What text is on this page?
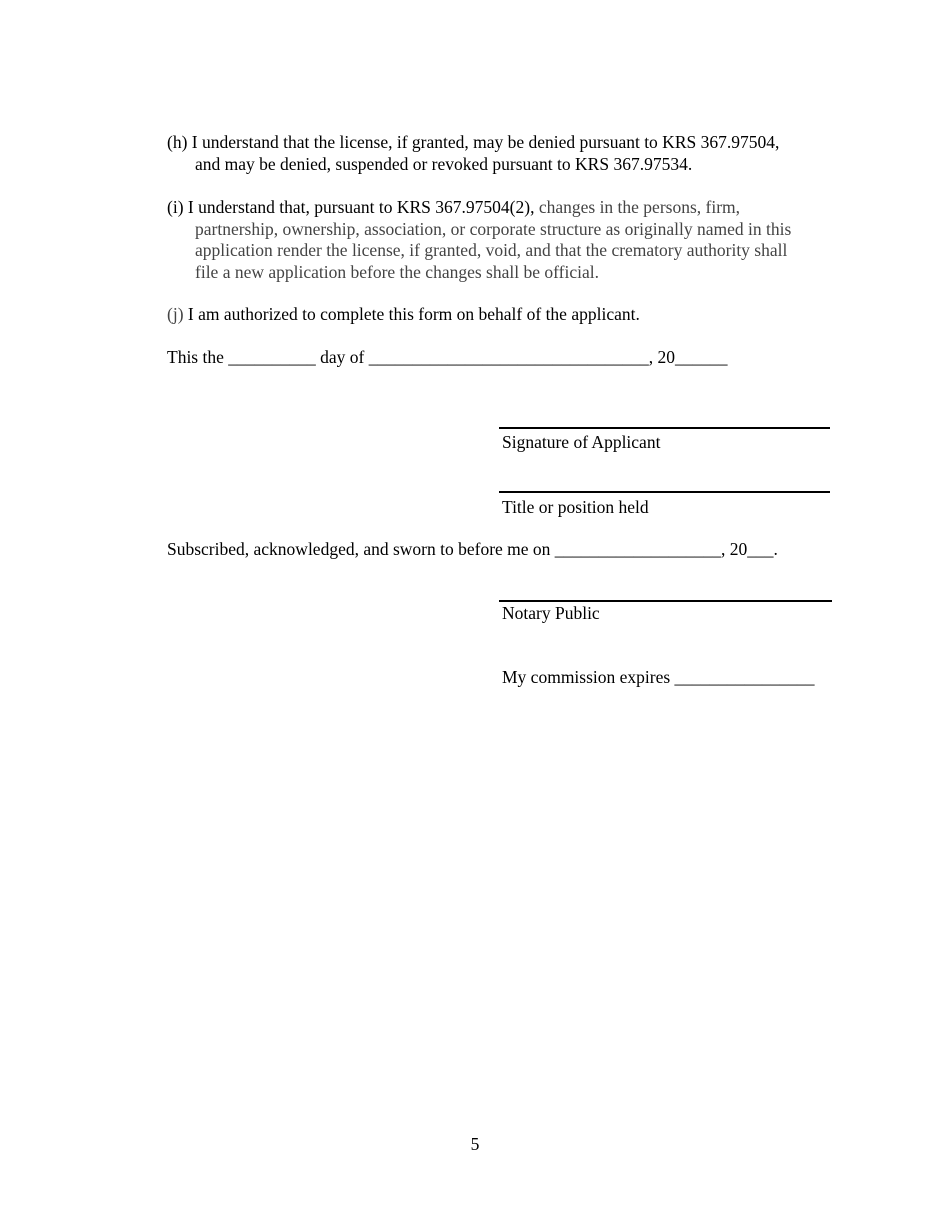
(h) I understand that the license, if granted, may be denied pursuant to KRS 367.97504,
and may be denied, suspended or revoked pursuant to KRS 367.97534.
(i) I understand that, pursuant to KRS 367.97504(2), changes in the persons, firm,
partnership, ownership, association, or corporate structure as originally named in this
application render the license, if granted, void, and that the crematory authority shall
file a new application before the changes shall be official.
(j) I am authorized to complete this form on behalf of the applicant.
This the __________ day of ________________________________, 20______
Signature of Applicant
Title or position held
Subscribed, acknowledged, and sworn to before me on ___________________, 20___.
Notary Public
My commission expires ________________
5
